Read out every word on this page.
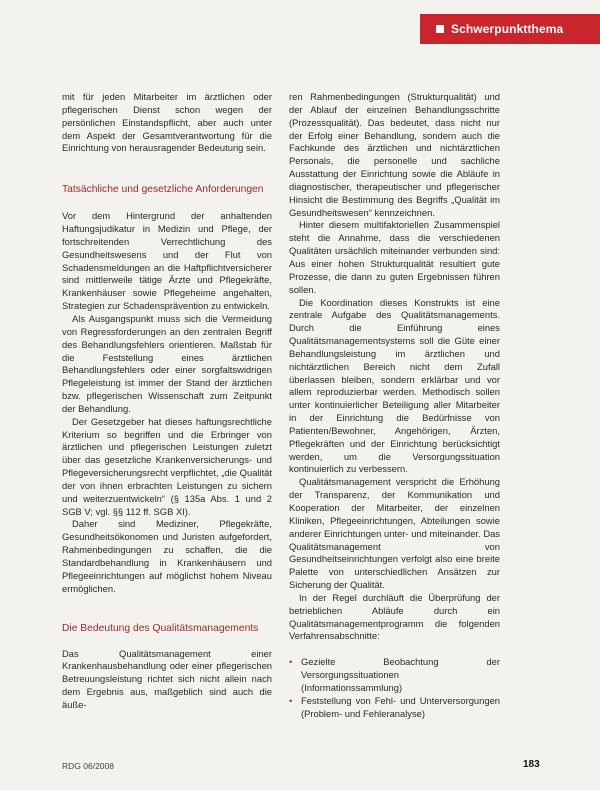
Schwerpunktthema

mit für jeden Mitarbeiter im ärztlichen oder pflegerischen Dienst schon wegen der persönlichen Einstandspflicht, aber auch unter dem Aspekt der Gesamtverantwortung für die Einrichtung von herausragender Bedeutung sein.

Tatsächliche und gesetzliche Anforderungen

Vor dem Hintergrund der anhaltenden Haftungsjudikatur in Medizin und Pflege, der fortschreitenden Verrechtlichung des Gesundheitswesens und der Flut von Schadensmeldungen an die Haftpflichtversicherer sind mittlerweile tätige Ärzte und Pflegekräfte, Krankenhäuser sowie Pflegeheime angehalten, Strategien zur Schadensprävention zu entwickeln.

Als Ausgangspunkt muss sich die Vermeidung von Regressforderungen an den zentralen Begriff des Behandlungsfehlers orientieren. Maßstab für die Feststellung eines ärztlichen Behandlungsfehlers oder einer sorgfaltswidrigen Pflegeleistung ist immer der Stand der ärztlichen bzw. pflegerischen Wissenschaft zum Zeitpunkt der Behandlung.

Der Gesetzgeber hat dieses haftungsrechtliche Kriterium so begriffen und die Erbringer von ärztlichen und pflegerischen Leistungen zuletzt über das gesetzliche Krankenversicherungs- und Pflegeversicherungsrecht verpflichtet, „die Qualität der von ihnen erbrachten Leistungen zu sichern und weiterzuentwickeln“ (§ 135a Abs. 1 und 2 SGB V; vgl. §§ 112 ff. SGB XI).

Daher sind Mediziner, Pflegekräfte, Gesundheitsökonomen und Juristen aufgefordert, Rahmenbedingungen zu schaffen, die die Standardbehandlung in Krankenhäusern und Pflegeeinrichtungen auf möglichst hohem Niveau ermöglichen.

Die Bedeutung des Qualitätsmanagements

Das Qualitätsmanagement einer Krankenhausbehandlung oder einer pflegerischen Betreuungsleistung richtet sich nicht allein nach dem Ergebnis aus, maßgeblich sind auch die äuße-

ren Rahmenbedingungen (Strukturqualität) und der Ablauf der einzelnen Behandlungsschritte (Prozessqualität). Das bedeutet, dass nicht nur der Erfolg einer Behandlung, sondern auch die Fachkunde des ärztlichen und nichtärztlichen Personals, die personelle und sachliche Ausstattung der Einrichtung sowie die Abläufe in diagnostischer, therapeutischer und pflegerischer Hinsicht die Bestimmung des Begriffs „Qualität im Gesundheitswesen“ kennzeichnen.

Hinter diesem multifaktoriellen Zusammenspiel steht die Annahme, dass die verschiedenen Qualitäten ursächlich miteinander verbunden sind: Aus einer hohen Strukturqualität resultiert gute Prozesse, die dann zu guten Ergebnissen führen sollen.

Die Koordination dieses Konstrukts ist eine zentrale Aufgabe des Qualitätsmanagements. Durch die Einführung eines Qualitätsmanagementsystems soll die Güte einer Behandlungsleistung im ärztlichen und nichtärztlichen Bereich nicht dem Zufall überlassen bleiben, sondern erklärbar und vor allem reproduzierbar werden. Methodisch sollen unter kontinuierlicher Beteiligung aller Mitarbeiter in der Einrichtung die Bedürfnisse von Patienten/Bewohner, Angehörigen, Ärzten, Pflegekräften und der Einrichtung berücksichtigt werden, um die Versorgungssituation kontinuierlich zu verbessern.

Qualitätsmanagement verspricht die Erhöhung der Transparenz, der Kommunikation und Kooperation der Mitarbeiter, der einzelnen Kliniken, Pflegeeinrichtungen, Abteilungen sowie anderer Einrichtungen unter- und miteinander. Das Qualitätsmanagement von Gesundheitseinrichtungen verfolgt also eine breite Palette von unterschiedlichen Ansätzen zur Sicherung der Qualität.

In der Regel durchläuft die Überprüfung der betrieblichen Abläufe durch ein Qualitätsmanagementprogramm die folgenden Verfahrensabschnitte:

• Gezielte Beobachtung der Versorgungssituationen (Informationssammlung)
• Feststellung von Fehl- und Unterversorgungen (Problem- und Fehleranalyse)
RDG 06/2008	183
